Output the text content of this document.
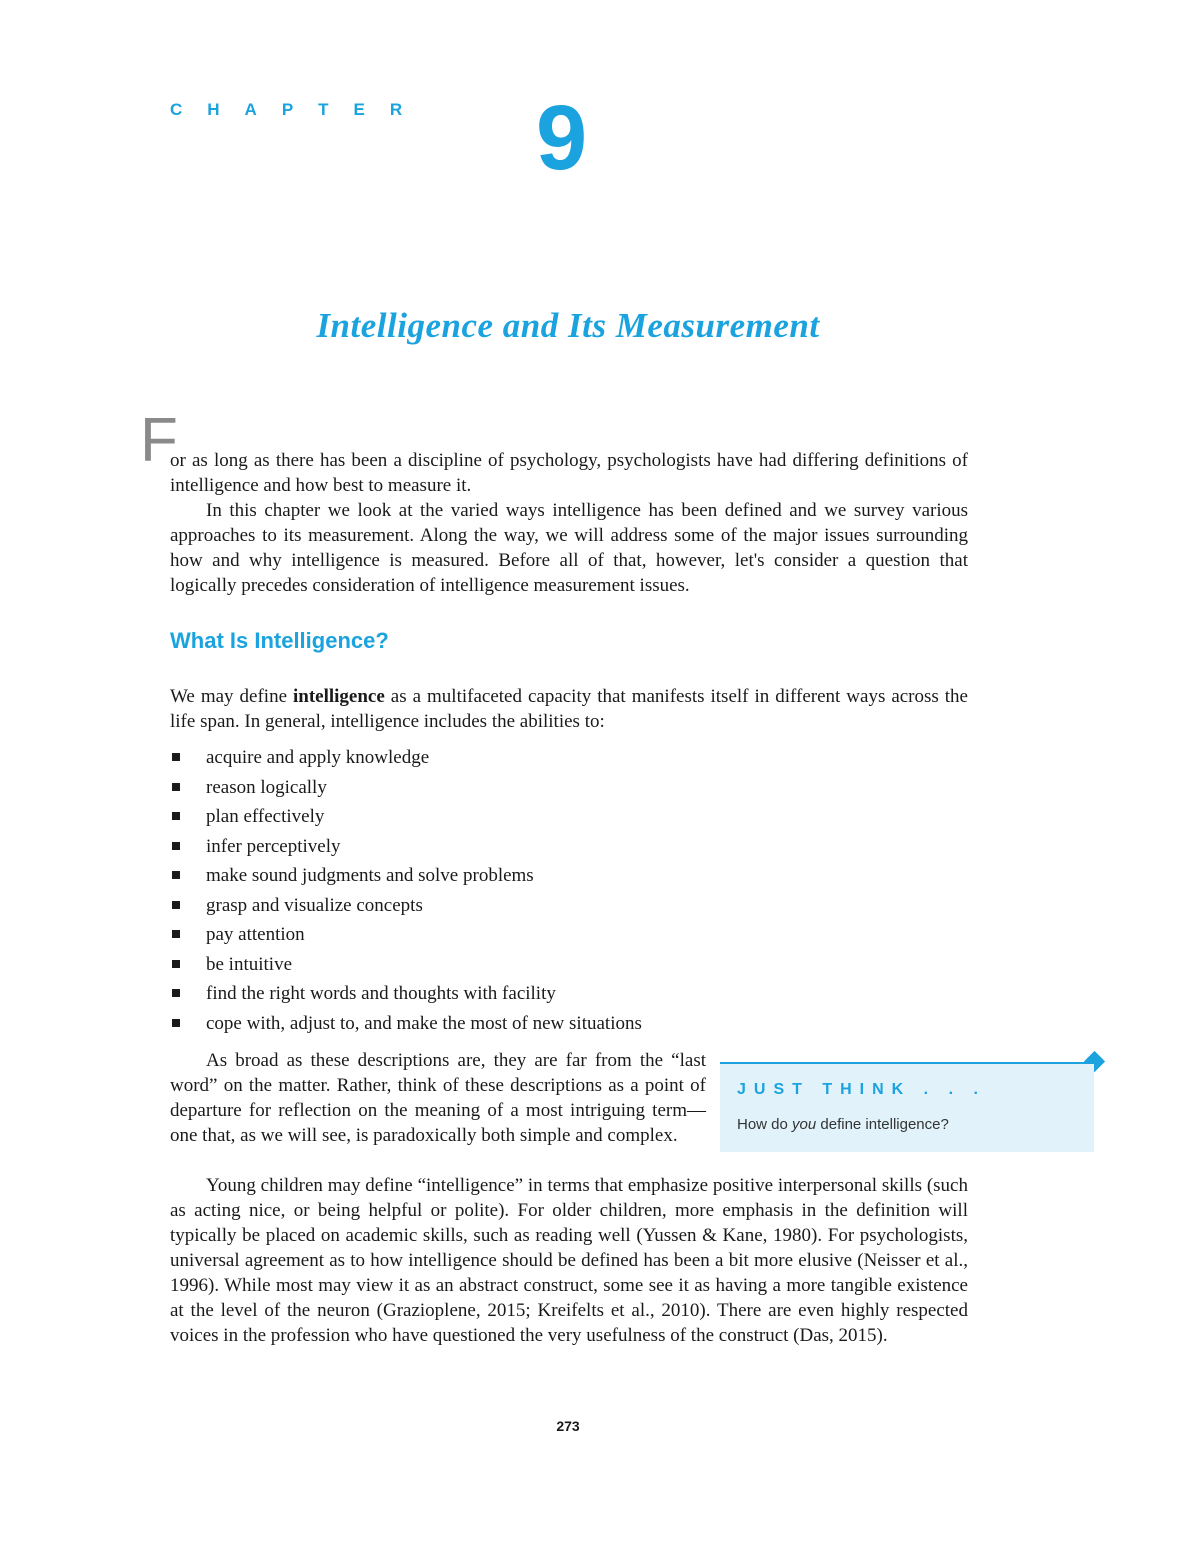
CHAPTER 9
Intelligence and Its Measurement
F

or as long as there has been a discipline of psychology, psychologists have had differing definitions of intelligence and how best to measure it.

In this chapter we look at the varied ways intelligence has been defined and we survey various approaches to its measurement. Along the way, we will address some of the major issues surrounding how and why intelligence is measured. Before all of that, however, let's consider a question that logically precedes consideration of intelligence measurement issues.

What Is Intelligence?

We may define intelligence as a multifaceted capacity that manifests itself in different ways across the life span. In general, intelligence includes the abilities to:

acquire and apply knowledge
reason logically
plan effectively
infer perceptively
make sound judgments and solve problems
grasp and visualize concepts
pay attention
be intuitive
find the right words and thoughts with facility
cope with, adjust to, and make the most of new situations

As broad as these descriptions are, they are far from the “last word” on the matter. Rather, think of these descriptions as a point of departure for reflection on the meaning of a most intriguing term—one that, as we will see, is paradoxically both simple and complex.

JUST THINK . . .
How do you define intelligence?

Young children may define “intelligence” in terms that emphasize positive interpersonal skills (such as acting nice, or being helpful or polite). For older children, more emphasis in the definition will typically be placed on academic skills, such as reading well (Yussen & Kane, 1980). For psychologists, universal agreement as to how intelligence should be defined has been a bit more elusive (Neisser et al., 1996). While most may view it as an abstract construct, some see it as having a more tangible existence at the level of the neuron (Grazioplene, 2015; Kreifelts et al., 2010). There are even highly respected voices in the profession who have questioned the very usefulness of the construct (Das, 2015).

273
